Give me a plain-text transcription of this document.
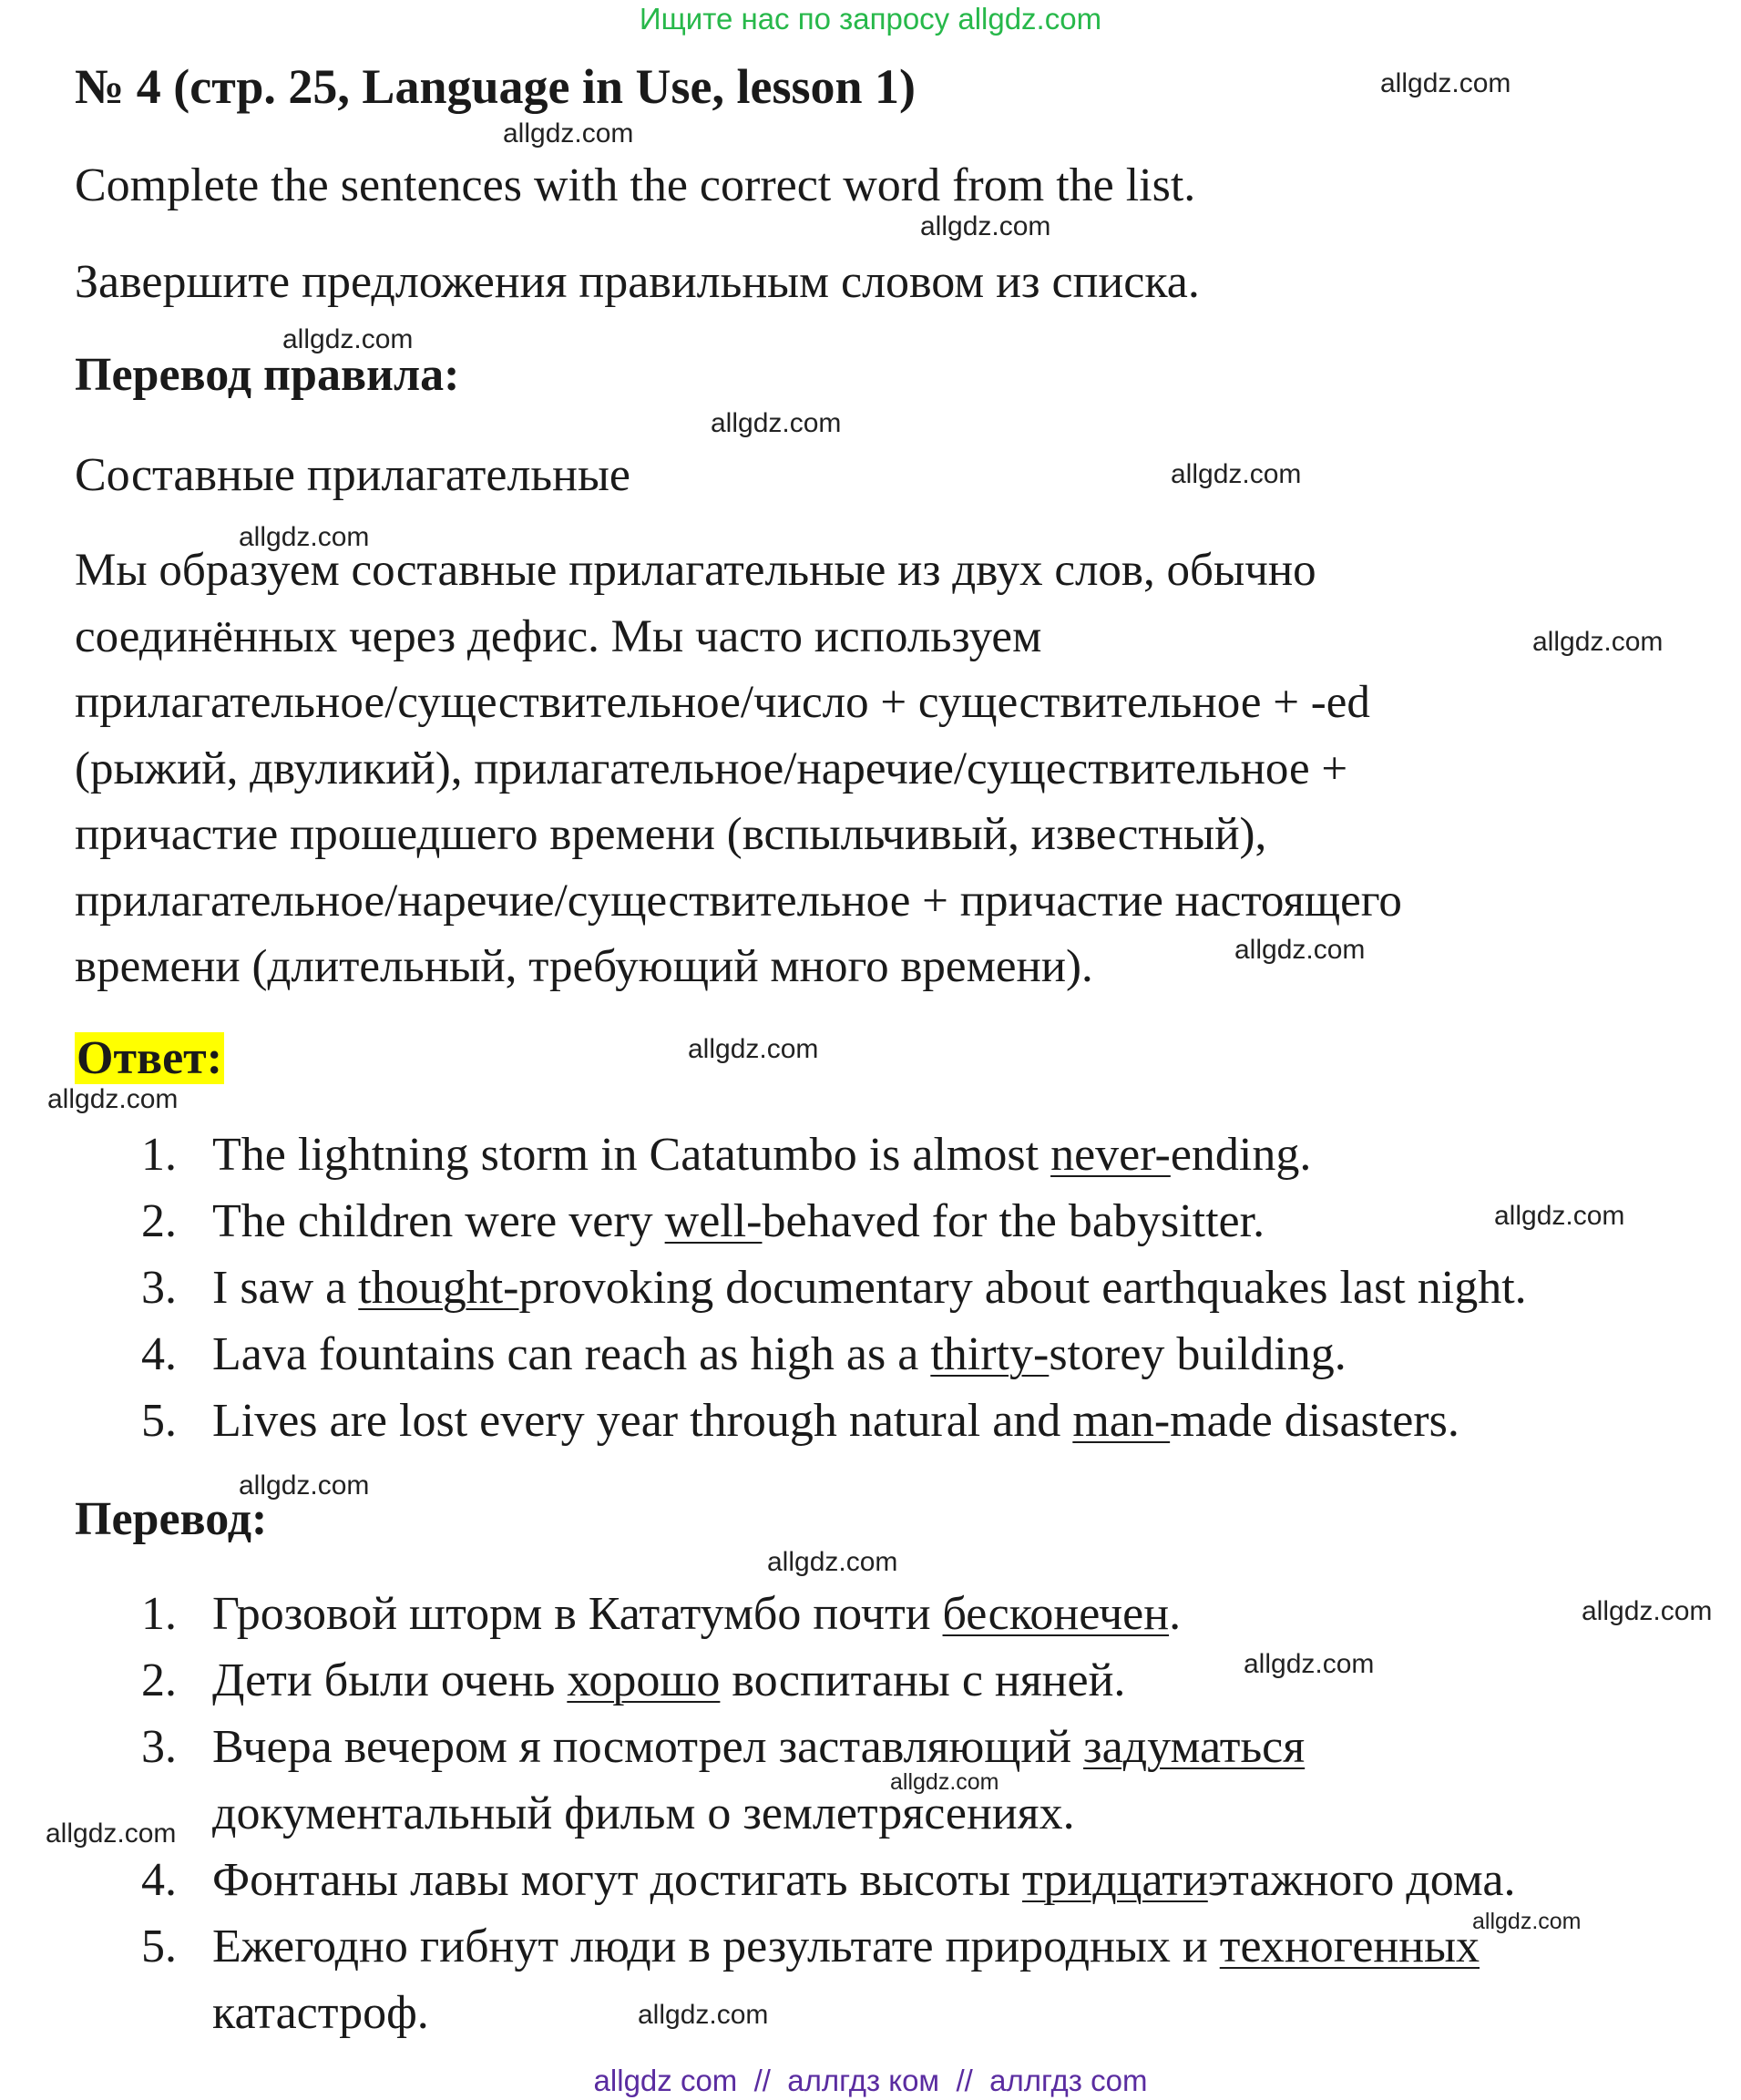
Ищите нас по запросу allgdz.com
№ 4 (стр. 25, Language in Use, lesson 1)
Complete the sentences with the correct word from the list.
Завершите предложения правильным словом из списка.
Перевод правила:
Составные прилагательные
Мы образуем составные прилагательные из двух слов, обычно
соединённых через дефис. Мы часто используем
прилагательное/существительное/число + существительное + -ed
(рыжий, двуликий), прилагательное/наречие/существительное +
причастие прошедшего времени (вспыльчивый, известный),
прилагательное/наречие/существительное + причастие настоящего
времени (длительный, требующий много времени).
Ответ:
1. The lightning storm in Catatumbo is almost never-ending.
2. The children were very well-behaved for the babysitter.
3. I saw a thought-provoking documentary about earthquakes last night.
4. Lava fountains can reach as high as a thirty-storey building.
5. Lives are lost every year through natural and man-made disasters.
Перевод:
1. Грозовой шторм в Кататумбо почти бесконечен.
2. Дети были очень хорошо воспитаны с няней.
3. Вчера вечером я посмотрел заставляющий задуматься
документальный фильм о землетрясениях.
4. Фонтаны лавы могут достигать высоты тридцатиэтажного дома.
5. Ежегодно гибнут люди в результате природных и техногенных
катастроф.
allgdz.com
allgdz.com
allgdz.com
allgdz.com
allgdz.com
allgdz.com
allgdz.com
allgdz.com
allgdz.com
allgdz.com
allgdz.com
allgdz.com
allgdz.com
allgdz.com
allgdz.com
allgdz.com
allgdz.com
allgdz.com
allgdz.com
allgdz.com
allgdz com  //  аллгдз ком  //  аллгдз com
